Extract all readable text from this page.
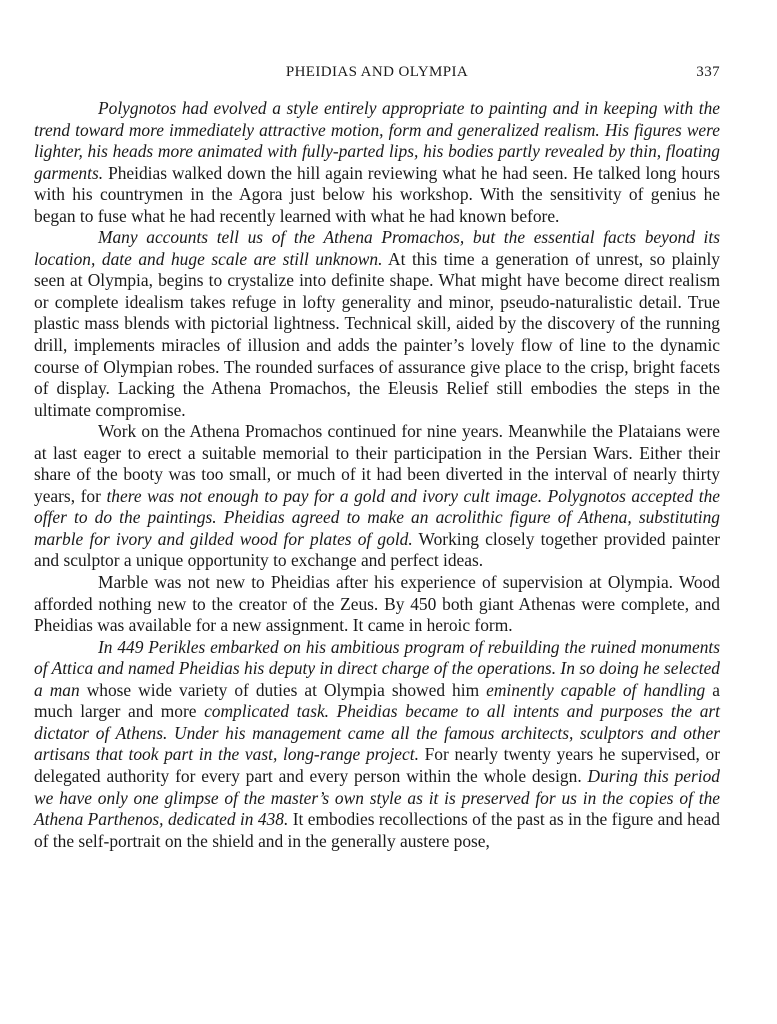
PHEIDIAS AND OLYMPIA	337

Polygnotos had evolved a style entirely appropriate to painting and in keeping with the trend toward more immediately attractive motion, form and generalized realism. His figures were lighter, his heads more animated with fully-parted lips, his bodies partly revealed by thin, floating garments. Pheidias walked down the hill again reviewing what he had seen. He talked long hours with his countrymen in the Agora just below his workshop. With the sensitivity of genius he began to fuse what he had recently learned with what he had known before.

Many accounts tell us of the Athena Promachos, but the essential facts beyond its location, date and huge scale are still unknown. At this time a generation of unrest, so plainly seen at Olympia, begins to crystalize into definite shape. What might have become direct realism or complete idealism takes refuge in lofty generality and minor, pseudo-naturalistic detail. True plastic mass blends with pictorial lightness. Technical skill, aided by the discovery of the running drill, implements miracles of illusion and adds the painter’s lovely flow of line to the dynamic course of Olympian robes. The rounded surfaces of assurance give place to the crisp, bright facets of display. Lacking the Athena Promachos, the Eleusis Relief still embodies the steps in the ultimate compromise.

Work on the Athena Promachos continued for nine years. Meanwhile the Plataians were at last eager to erect a suitable memorial to their participation in the Persian Wars. Either their share of the booty was too small, or much of it had been diverted in the interval of nearly thirty years, for there was not enough to pay for a gold and ivory cult image. Polygnotos accepted the offer to do the paintings. Pheidias agreed to make an acrolithic figure of Athena, substituting marble for ivory and gilded wood for plates of gold. Working closely together provided painter and sculptor a unique opportunity to exchange and perfect ideas.

Marble was not new to Pheidias after his experience of supervision at Olympia. Wood afforded nothing new to the creator of the Zeus. By 450 both giant Athenas were complete, and Pheidias was available for a new assignment. It came in heroic form.

In 449 Perikles embarked on his ambitious program of rebuilding the ruined monuments of Attica and named Pheidias his deputy in direct charge of the operations. In so doing he selected a man whose wide variety of duties at Olympia showed him eminently capable of handling a much larger and more complicated task. Pheidias became to all intents and purposes the art dictator of Athens. Under his management came all the famous architects, sculptors and other artisans that took part in the vast, long-range project. For nearly twenty years he supervised, or delegated authority for every part and every person within the whole design. During this period we have only one glimpse of the master’s own style as it is preserved for us in the copies of the Athena Parthenos, dedicated in 438. It embodies recollections of the past as in the figure and head of the self-portrait on the shield and in the generally austere pose,
